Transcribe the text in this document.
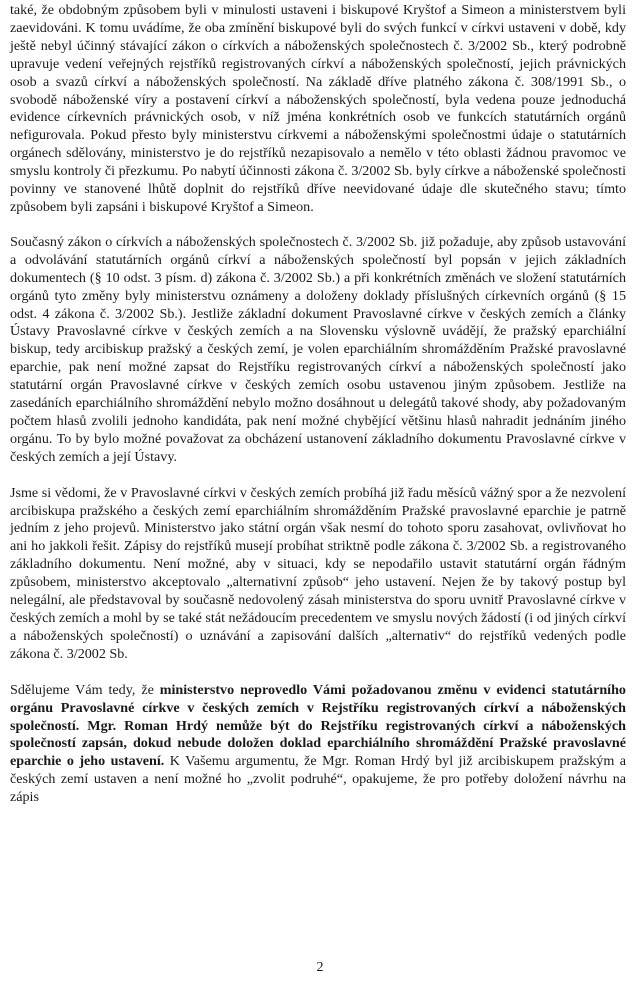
také, že obdobným způsobem byli v minulosti ustaveni i biskupové Kryštof a Simeon a ministerstvem byli zaevidováni. K tomu uvádíme, že oba zmínění biskupové byli do svých funkcí v církvi ustaveni v době, kdy ještě nebyl účinný stávající zákon o církvích a náboženských společnostech č. 3/2002 Sb., který podrobně upravuje vedení veřejných rejstříků registrovaných církví a náboženských společností, jejich právnických osob a svazů církví a náboženských společností. Na základě dříve platného zákona č. 308/1991 Sb., o svobodě náboženské víry a postavení církví a náboženských společností, byla vedena pouze jednoduchá evidence církevních právnických osob, v níž jména konkrétních osob ve funkcích statutárních orgánů nefigurovala. Pokud přesto byly ministerstvu církvemi a náboženskými společnostmi údaje o statutárních orgánech sdělovány, ministerstvo je do rejstříků nezapisovalo a nemělo v této oblasti žádnou pravomoc ve smyslu kontroly či přezkumu. Po nabytí účinnosti zákona č. 3/2002 Sb. byly církve a náboženské společnosti povinny ve stanovené lhůtě doplnit do rejstříků dříve neevidované údaje dle skutečného stavu; tímto způsobem byli zapsáni i biskupové Kryštof a Simeon.

Současný zákon o církvích a náboženských společnostech č. 3/2002 Sb. již požaduje, aby způsob ustavování a odvolávání statutárních orgánů církví a náboženských společností byl popsán v jejich základních dokumentech (§ 10 odst. 3 písm. d) zákona č. 3/2002 Sb.) a při konkrétních změnách ve složení statutárních orgánů tyto změny byly ministerstvu oznámeny a doloženy doklady příslušných církevních orgánů (§ 15 odst. 4 zákona č. 3/2002 Sb.). Jestliže základní dokument Pravoslavné církve v českých zemích a články Ústavy Pravoslavné církve v českých zemích a na Slovensku výslovně uvádějí, že pražský eparchiální biskup, tedy arcibiskup pražský a českých zemí, je volen eparchiálním shromážděním Pražské pravoslavné eparchie, pak není možné zapsat do Rejstříku registrovaných církví a náboženských společností jako statutární orgán Pravoslavné církve v českých zemích osobu ustavenou jiným způsobem. Jestliže na zasedáních eparchiálního shromáždění nebylo možno dosáhnout u delegátů takové shody, aby požadovaným počtem hlasů zvolili jednoho kandidáta, pak není možné chybějící většinu hlasů nahradit jednáním jiného orgánu. To by bylo možné považovat za obcházení ustanovení základního dokumentu Pravoslavné církve v českých zemích a její Ústavy.

Jsme si vědomi, že v Pravoslavné církvi v českých zemích probíhá již řadu měsíců vážný spor a že nezvolení arcibiskupa pražského a českých zemí eparchiálním shromážděním Pražské pravoslavné eparchie je patrně jedním z jeho projevů. Ministerstvo jako státní orgán však nesmí do tohoto sporu zasahovat, ovlivňovat ho ani ho jakkoli řešit. Zápisy do rejstříků musejí probíhat striktně podle zákona č. 3/2002 Sb. a registrovaného základního dokumentu. Není možné, aby v situaci, kdy se nepodařilo ustavit statutární orgán řádným způsobem, ministerstvo akceptovalo „alternativní způsob“ jeho ustavení. Nejen že by takový postup byl nelegální, ale představoval by současně nedovolený zásah ministerstva do sporu uvnitř Pravoslavné církve v českých zemích a mohl by se také stát nežádoucím precedentem ve smyslu nových žádostí (i od jiných církví a náboženských společností) o uznávání a zapisování dalších „alternativ“ do rejstříků vedených podle zákona č. 3/2002 Sb.

Sdělujeme Vám tedy, že ministerstvo neprovedlo Vámi požadovanou změnu v evidenci statutárního orgánu Pravoslavné církve v českých zemích v Rejstříku registrovaných církví a náboženských společností. Mgr. Roman Hrdý nemůže být do Rejstříku registrovaných církví a náboženských společností zapsán, dokud nebude doložen doklad eparchiálního shromáždění Pražské pravoslavné eparchie o jeho ustavení. K Vašemu argumentu, že Mgr. Roman Hrdý byl již arcibiskupem pražským a českých zemí ustaven a není možné ho „zvolit podruhé“, opakujeme, že pro potřeby doložení návrhu na zápis

2
